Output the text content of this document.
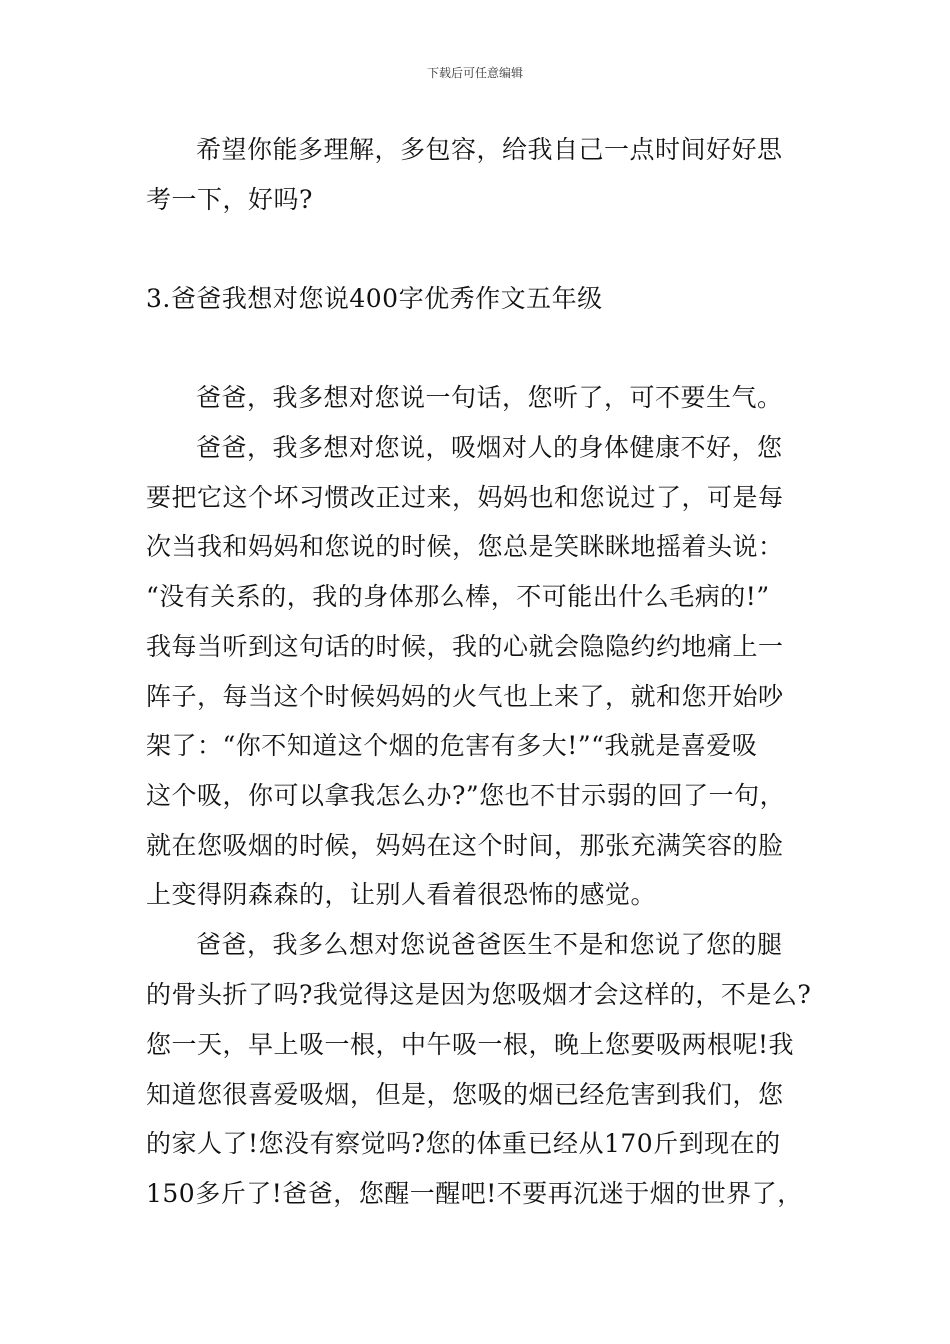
下载后可任意编辑
希望你能多理解，多包容，给我自己一点时间好好思
考一下，好吗?
3.爸爸我想对您说400字优秀作文五年级
爸爸，我多想对您说一句话，您听了，可不要生气。
爸爸，我多想对您说，吸烟对人的身体健康不好，您
要把它这个坏习惯改正过来，妈妈也和您说过了，可是每
次当我和妈妈和您说的时候，您总是笑眯眯地摇着头说：
“没有关系的，我的身体那么棒，不可能出什么毛病的!”
我每当听到这句话的时候，我的心就会隐隐约约地痛上一
阵子，每当这个时候妈妈的火气也上来了，就和您开始吵
架了：“你不知道这个烟的危害有多大!”“我就是喜爱吸
这个吸，你可以拿我怎么办?”您也不甘示弱的回了一句，
就在您吸烟的时候，妈妈在这个时间，那张充满笑容的脸
上变得阴森森的，让别人看着很恐怖的感觉。
爸爸，我多么想对您说爸爸医生不是和您说了您的腿
的骨头折了吗?我觉得这是因为您吸烟才会这样的，不是么?
您一天，早上吸一根，中午吸一根，晚上您要吸两根呢!我
知道您很喜爱吸烟，但是，您吸的烟已经危害到我们，您
的家人了!您没有察觉吗?您的体重已经从170斤到现在的
150多斤了!爸爸，您醒一醒吧!不要再沉迷于烟的世界了，
